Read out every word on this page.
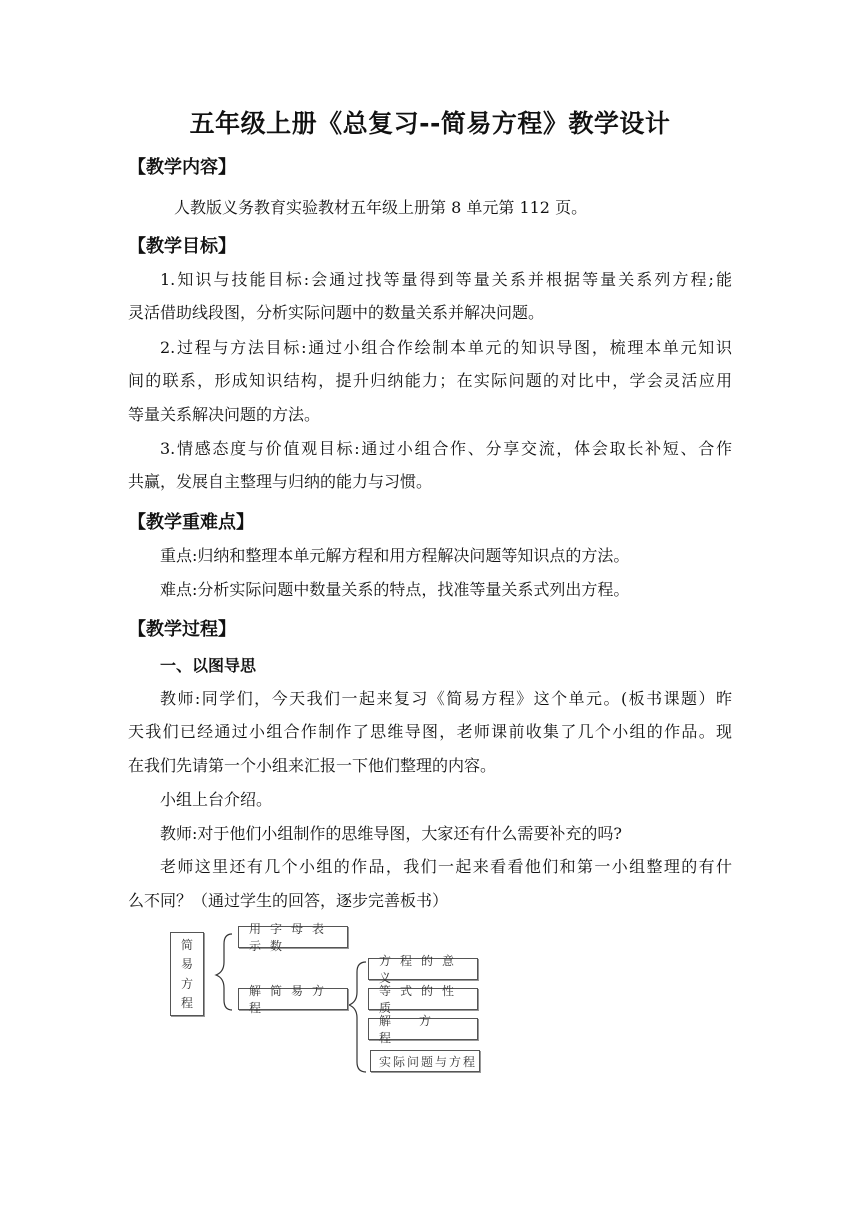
五年级上册《总复习--简易方程》教学设计
【教学内容】
人教版义务教育实验教材五年级上册第 8 单元第 112 页。
【教学目标】
1.知识与技能目标:会通过找等量得到等量关系并根据等量关系列方程;能
灵活借助线段图，分析实际问题中的数量关系并解决问题。
2.过程与方法目标:通过小组合作绘制本单元的知识导图，梳理本单元知识
间的联系，形成知识结构，提升归纳能力；在实际问题的对比中，学会灵活应用
等量关系解决问题的方法。
3.情感态度与价值观目标:通过小组合作、分享交流，体会取长补短、合作
共赢，发展自主整理与归纳的能力与习惯。
【教学重难点】
重点:归纳和整理本单元解方程和用方程解决问题等知识点的方法。
难点:分析实际问题中数量关系的特点，找准等量关系式列出方程。
【教学过程】
一、以图导思
教师:同学们，今天我们一起来复习《简易方程》这个单元。(板书课题）昨
天我们已经通过小组合作制作了思维导图，老师课前收集了几个小组的作品。现
在我们先请第一个小组来汇报一下他们整理的内容。
小组上台介绍。
教师:对于他们小组制作的思维导图，大家还有什么需要补充的吗?
老师这里还有几个小组的作品，我们一起来看看他们和第一小组整理的有什
么不同？（通过学生的回答，逐步完善板书）
简
易
方
程
用字母表示数
解简易方程
方程的意义
等式的性质
解方程
实际问题与方程
